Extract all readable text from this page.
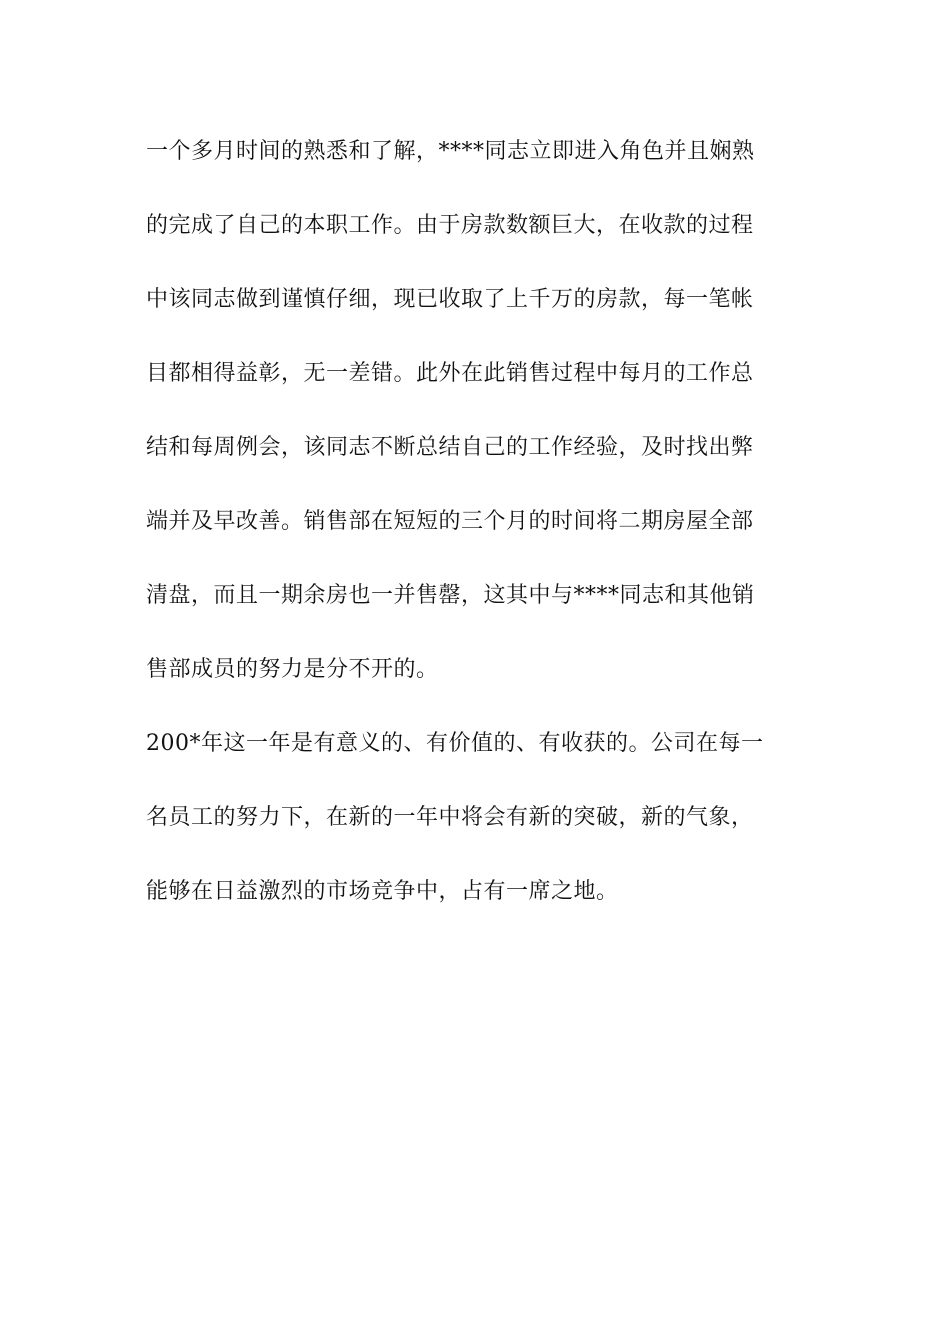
一个多月时间的熟悉和了解，****同志立即进入角色并且娴熟
的完成了自己的本职工作。由于房款数额巨大，在收款的过程
中该同志做到谨慎仔细，现已收取了上千万的房款，每一笔帐
目都相得益彰，无一差错。此外在此销售过程中每月的工作总
结和每周例会，该同志不断总结自己的工作经验，及时找出弊
端并及早改善。销售部在短短的三个月的时间将二期房屋全部
清盘，而且一期余房也一并售罄，这其中与****同志和其他销
售部成员的努力是分不开的。
200*年这一年是有意义的、有价值的、有收获的。公司在每一
名员工的努力下，在新的一年中将会有新的突破，新的气象，
能够在日益激烈的市场竞争中，占有一席之地。
